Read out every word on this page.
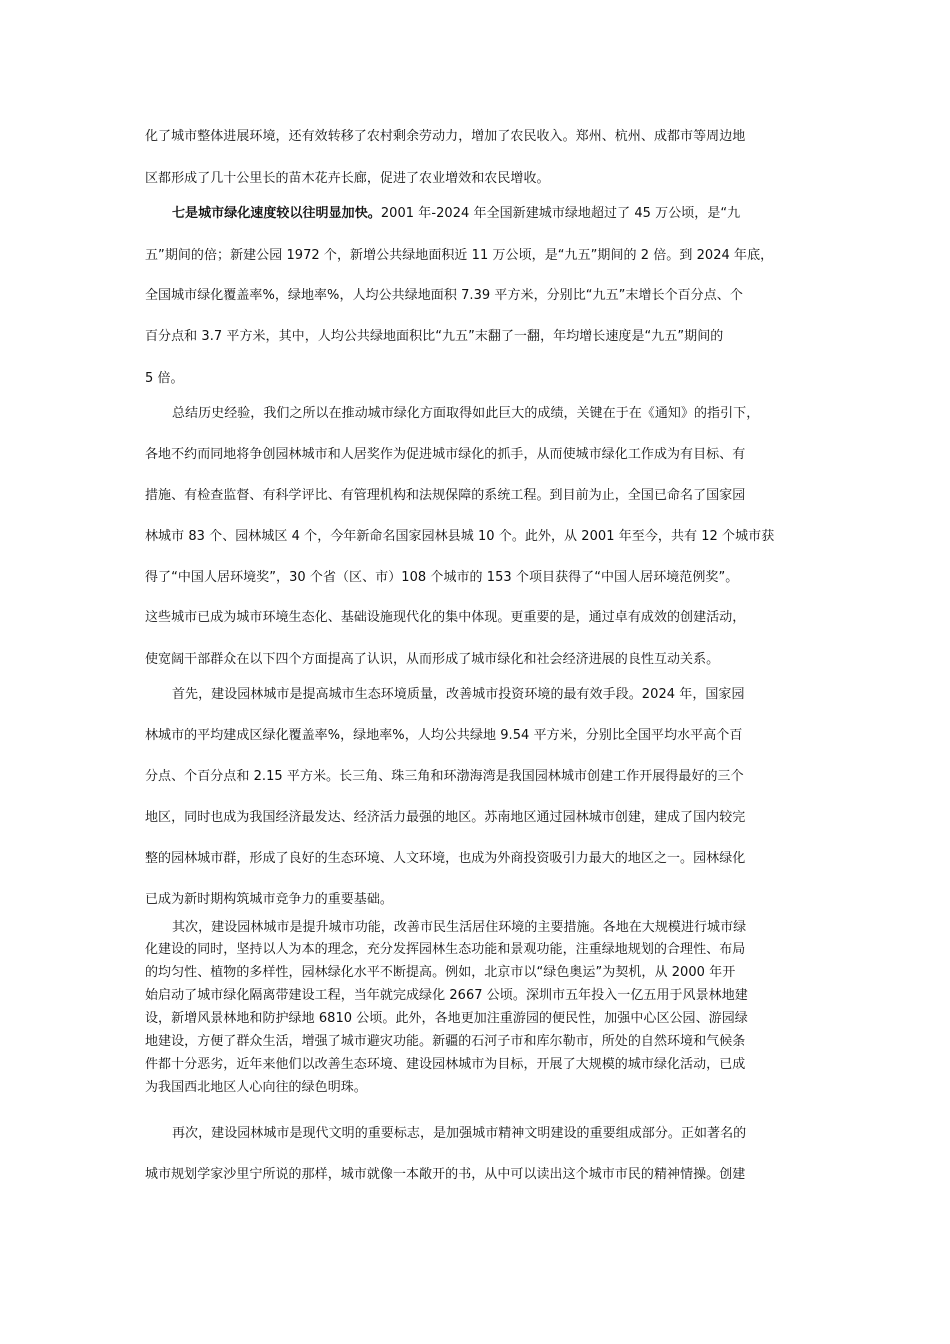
化了城市整体进展环境，还有效转移了农村剩余劳动力，增加了农民收入。郑州、杭州、成都市等周边地
区都形成了几十公里长的苗木花卉长廊，促进了农业增效和农民增收。
七是城市绿化速度较以往明显加快。2001 年-2024 年全国新建城市绿地超过了 45 万公顷，是“九
五”期间的倍；新建公园 1972 个，新增公共绿地面积近 11 万公顷，是“九五”期间的 2 倍。到 2024 年底，
全国城市绿化覆盖率%，绿地率%，人均公共绿地面积 7.39 平方米，分别比“九五”末增长个百分点、个
百分点和 3.7 平方米，其中，人均公共绿地面积比“九五”末翻了一翻，年均增长速度是“九五”期间的
5 倍。
总结历史经验，我们之所以在推动城市绿化方面取得如此巨大的成绩，关键在于在《通知》的指引下，
各地不约而同地将争创园林城市和人居奖作为促进城市绿化的抓手，从而使城市绿化工作成为有目标、有
措施、有检查监督、有科学评比、有管理机构和法规保障的系统工程。到目前为止，全国已命名了国家园
林城市 83 个、园林城区 4 个，今年新命名国家园林县城 10 个。此外，从 2001 年至今，共有 12 个城市获
得了“中国人居环境奖”，30 个省（区、市）108 个城市的 153 个项目获得了“中国人居环境范例奖”。
这些城市已成为城市环境生态化、基础设施现代化的集中体现。更重要的是，通过卓有成效的创建活动，
使宽阔干部群众在以下四个方面提高了认识，从而形成了城市绿化和社会经济进展的良性互动关系。
首先，建设园林城市是提高城市生态环境质量，改善城市投资环境的最有效手段。2024 年，国家园
林城市的平均建成区绿化覆盖率%，绿地率%，人均公共绿地 9.54 平方米，分别比全国平均水平高个百
分点、个百分点和 2.15 平方米。长三角、珠三角和环渤海湾是我国园林城市创建工作开展得最好的三个
地区，同时也成为我国经济最发达、经济活力最强的地区。苏南地区通过园林城市创建，建成了国内较完
整的园林城市群，形成了良好的生态环境、人文环境，也成为外商投资吸引力最大的地区之一。园林绿化
已成为新时期构筑城市竞争力的重要基础。
其次，建设园林城市是提升城市功能，改善市民生活居住环境的主要措施。各地在大规模进行城市绿
化建设的同时，坚持以人为本的理念，充分发挥园林生态功能和景观功能，注重绿地规划的合理性、布局
的均匀性、植物的多样性，园林绿化水平不断提高。例如，北京市以“绿色奥运”为契机，从 2000 年开
始启动了城市绿化隔离带建设工程，当年就完成绿化 2667 公顷。深圳市五年投入一亿五用于风景林地建
设，新增风景林地和防护绿地 6810 公顷。此外，各地更加注重游园的便民性，加强中心区公园、游园绿
地建设，方便了群众生活，增强了城市避灾功能。新疆的石河子市和库尔勒市，所处的自然环境和气候条
件都十分恶劣，近年来他们以改善生态环境、建设园林城市为目标，开展了大规模的城市绿化活动，已成
为我国西北地区人心向往的绿色明珠。
再次，建设园林城市是现代文明的重要标志，是加强城市精神文明建设的重要组成部分。正如著名的
城市规划学家沙里宁所说的那样，城市就像一本敞开的书，从中可以读出这个城市市民的精神情操。创建
